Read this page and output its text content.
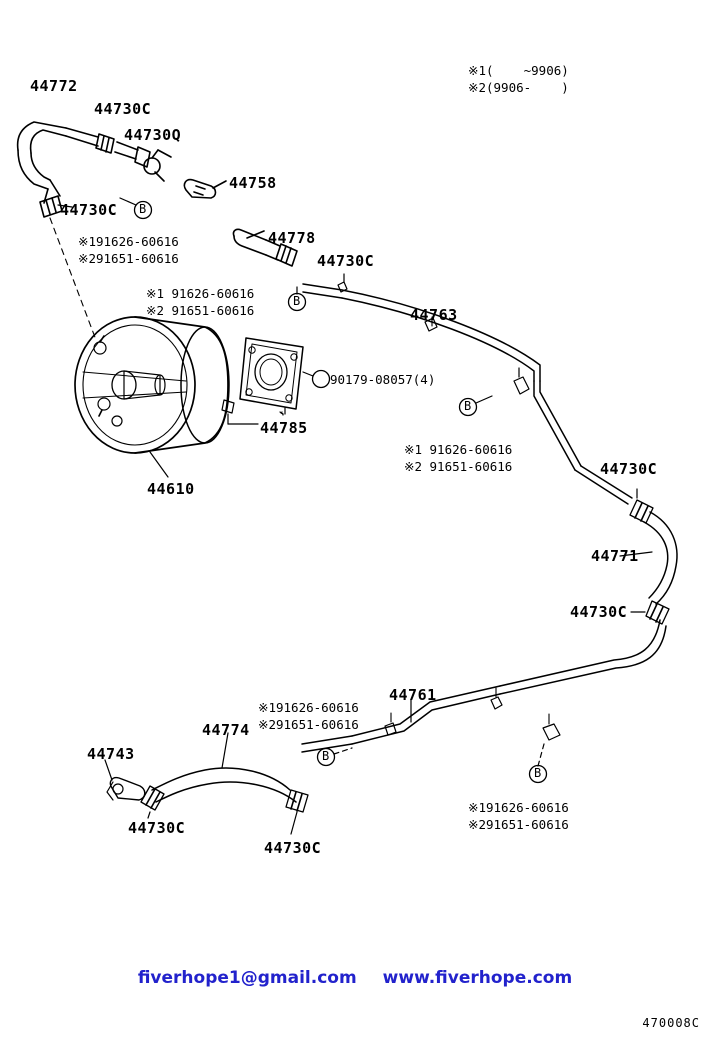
※1(    ~9906)
※2(9906-    )
44772
44730C
44730Q
44758
44730C
44778
44730C
44763
44785
44610
44730C
44771
44730C
44761
44774
44743
44730C
44730C
※191626-60616
※291651-60616
※1 91626-60616
※2 91651-60616
※1 91626-60616
※2 91651-60616
※191626-60616
※291651-60616
※191626-60616
※291651-60616
90179-08057(4)
B
B
B
B
B
fiverhope1@gmail.com www.fiverhope.com
470008C
